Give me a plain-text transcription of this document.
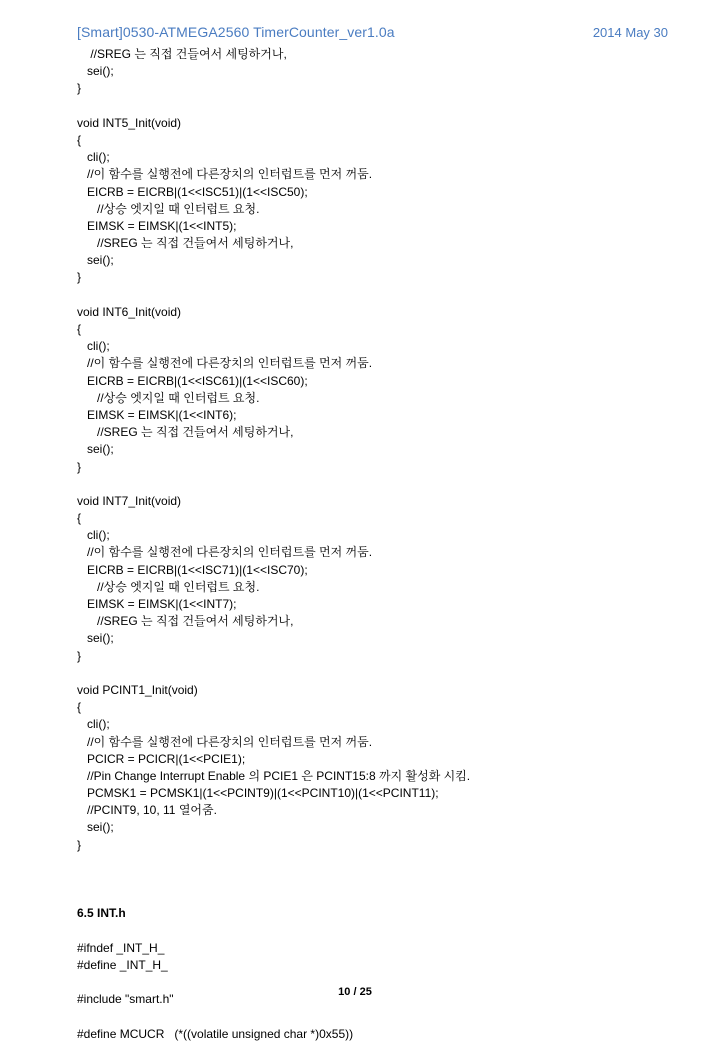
[Smart]0530-ATMEGA2560 TimerCounter_ver1.0a	2014 May 30
//SREG 는 직접 건들여서 세팅하거나,
sei();
}
void INT5_Init(void)
{
cli();
//이 함수를 실행전에 다른장치의 인터럽트를 먼저 꺼둠.
EICRB = EICRB|(1<<ISC51)|(1<<ISC50);
//상승 엣지일 때 인터럽트 요청.
EIMSK = EIMSK|(1<<INT5);
//SREG 는 직접 건들여서 세팅하거나,
sei();
}
void INT6_Init(void)
{
cli();
//이 함수를 실행전에 다른장치의 인터럽트를 먼저 꺼둠.
EICRB = EICRB|(1<<ISC61)|(1<<ISC60);
//상승 엣지일 때 인터럽트 요청.
EIMSK = EIMSK|(1<<INT6);
//SREG 는 직접 건들여서 세팅하거나,
sei();
}
void INT7_Init(void)
{
cli();
//이 함수를 실행전에 다른장치의 인터럽트를 먼저 꺼둠.
EICRB = EICRB|(1<<ISC71)|(1<<ISC70);
//상승 엣지일 때 인터럽트 요청.
EIMSK = EIMSK|(1<<INT7);
//SREG 는 직접 건들여서 세팅하거나,
sei();
}
void PCINT1_Init(void)
{
cli();
//이 함수를 실행전에 다른장치의 인터럽트를 먼저 꺼둠.
PCICR = PCICR|(1<<PCIE1);
//Pin Change Interrupt Enable 의 PCIE1 은 PCINT15:8 까지 활성화 시킴.
PCMSK1 = PCMSK1|(1<<PCINT9)|(1<<PCINT10)|(1<<PCINT11);
//PCINT9, 10, 11 열어줌.
sei();
}
6.5 INT.h
#ifndef _INT_H_
#define _INT_H_
#include "smart.h"
#define MCUCR   (*((volatile unsigned char *)0x55))
10 / 25
